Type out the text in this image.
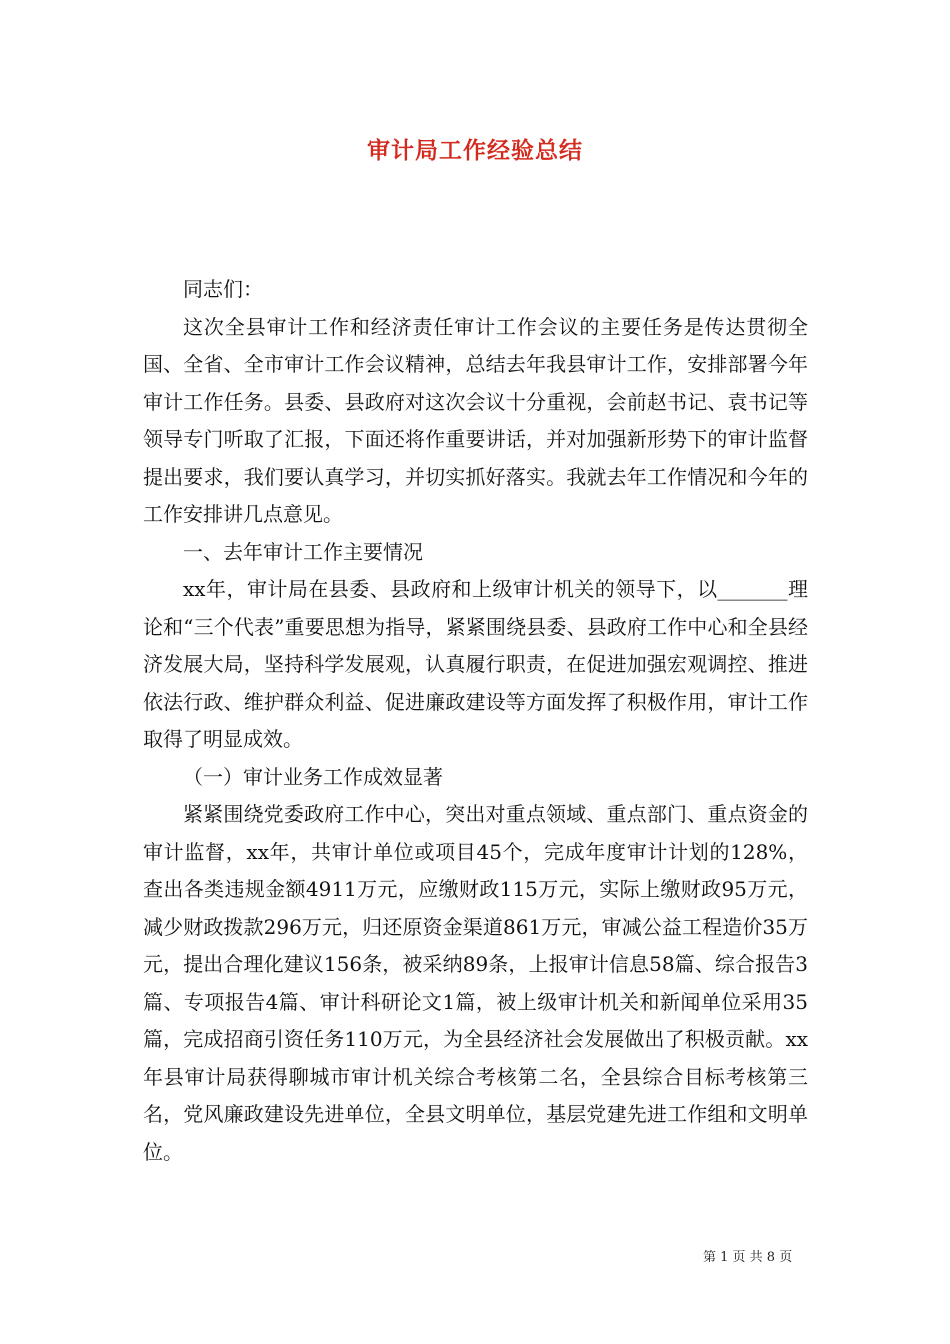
审计局工作经验总结

同志们：

这次全县审计工作和经济责任审计工作会议的主要任务是传达贯彻全国、全省、全市审计工作会议精神，总结去年我县审计工作，安排部署今年审计工作任务。县委、县政府对这次会议十分重视，会前赵书记、袁书记等领导专门听取了汇报，下面还将作重要讲话，并对加强新形势下的审计监督提出要求，我们要认真学习，并切实抓好落实。我就去年工作情况和今年的工作安排讲几点意见。

一、去年审计工作主要情况

xx年，审计局在县委、县政府和上级审计机关的领导下，以_______理论和“三个代表”重要思想为指导，紧紧围绕县委、县政府工作中心和全县经济发展大局，坚持科学发展观，认真履行职责，在促进加强宏观调控、推进依法行政、维护群众利益、促进廉政建设等方面发挥了积极作用，审计工作取得了明显成效。

（一）审计业务工作成效显著

紧紧围绕党委政府工作中心，突出对重点领域、重点部门、重点资金的审计监督，xx年，共审计单位或项目45个，完成年度审计计划的128%，查出各类违规金额4911万元，应缴财政115万元，实际上缴财政95万元，减少财政拨款296万元，归还原资金渠道861万元，审减公益工程造价35万元，提出合理化建议156条，被采纳89条，上报审计信息58篇、综合报告3篇、专项报告4篇、审计科研论文1篇，被上级审计机关和新闻单位采用35篇，完成招商引资任务110万元，为全县经济社会发展做出了积极贡献。xx年县审计局获得聊城市审计机关综合考核第二名，全县综合目标考核第三名，党风廉政建设先进单位，全县文明单位，基层党建先进工作组和文明单位。

第 1 页 共 8 页
